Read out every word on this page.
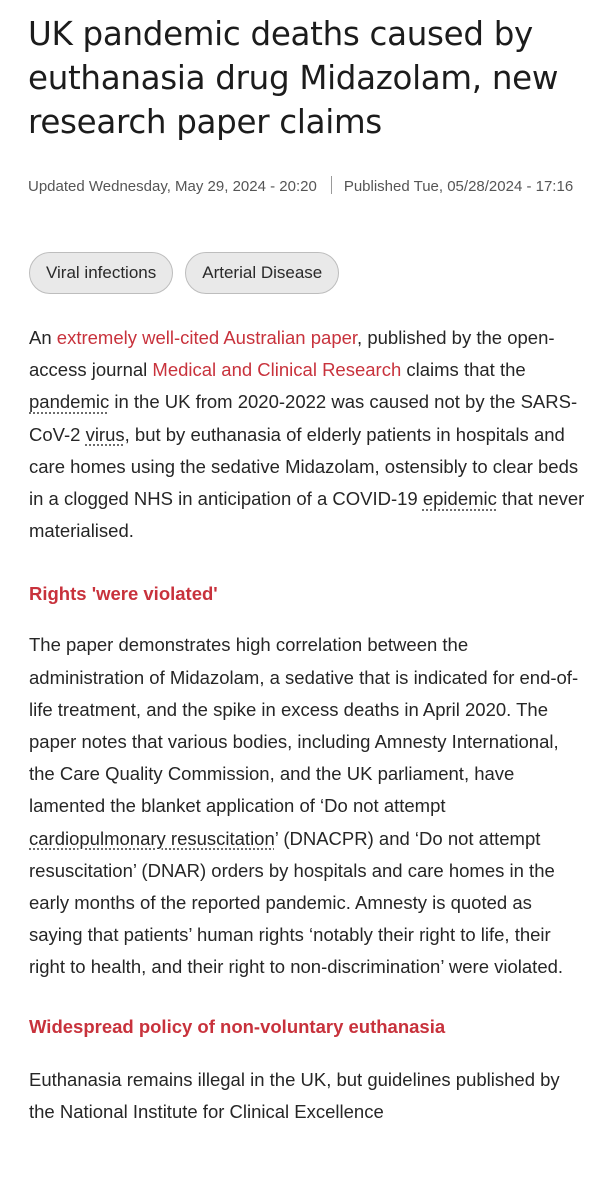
UK pandemic deaths caused by euthanasia drug Midazolam, new research paper claims
Updated Wednesday, May 29, 2024 - 20:20 Published Tue, 05/28/2024 - 17:16
Viral infections	Arterial Disease

An extremely well-cited Australian paper, published by the open-access journal Medical and Clinical Research claims that the pandemic in the UK from 2020-2022 was caused not by the SARS-CoV-2 virus, but by euthanasia of elderly patients in hospitals and care homes using the sedative Midazolam, ostensibly to clear beds in a clogged NHS in anticipation of a COVID-19 epidemic that never materialised.

Rights 'were violated'

The paper demonstrates high correlation between the administration of Midazolam, a sedative that is indicated for end-of-life treatment, and the spike in excess deaths in April 2020. The paper notes that various bodies, including Amnesty International, the Care Quality Commission, and the UK parliament, have lamented the blanket application of ‘Do not attempt cardiopulmonary resuscitation’ (DNACPR) and ‘Do not attempt resuscitation’ (DNAR) orders by hospitals and care homes in the early months of the reported pandemic. Amnesty is quoted as saying that patients’ human rights ‘notably their right to life, their right to health, and their right to non-discrimination’ were violated.

Widespread policy of non-voluntary euthanasia

Euthanasia remains illegal in the UK, but guidelines published by the National Institute for Clinical Excellence
